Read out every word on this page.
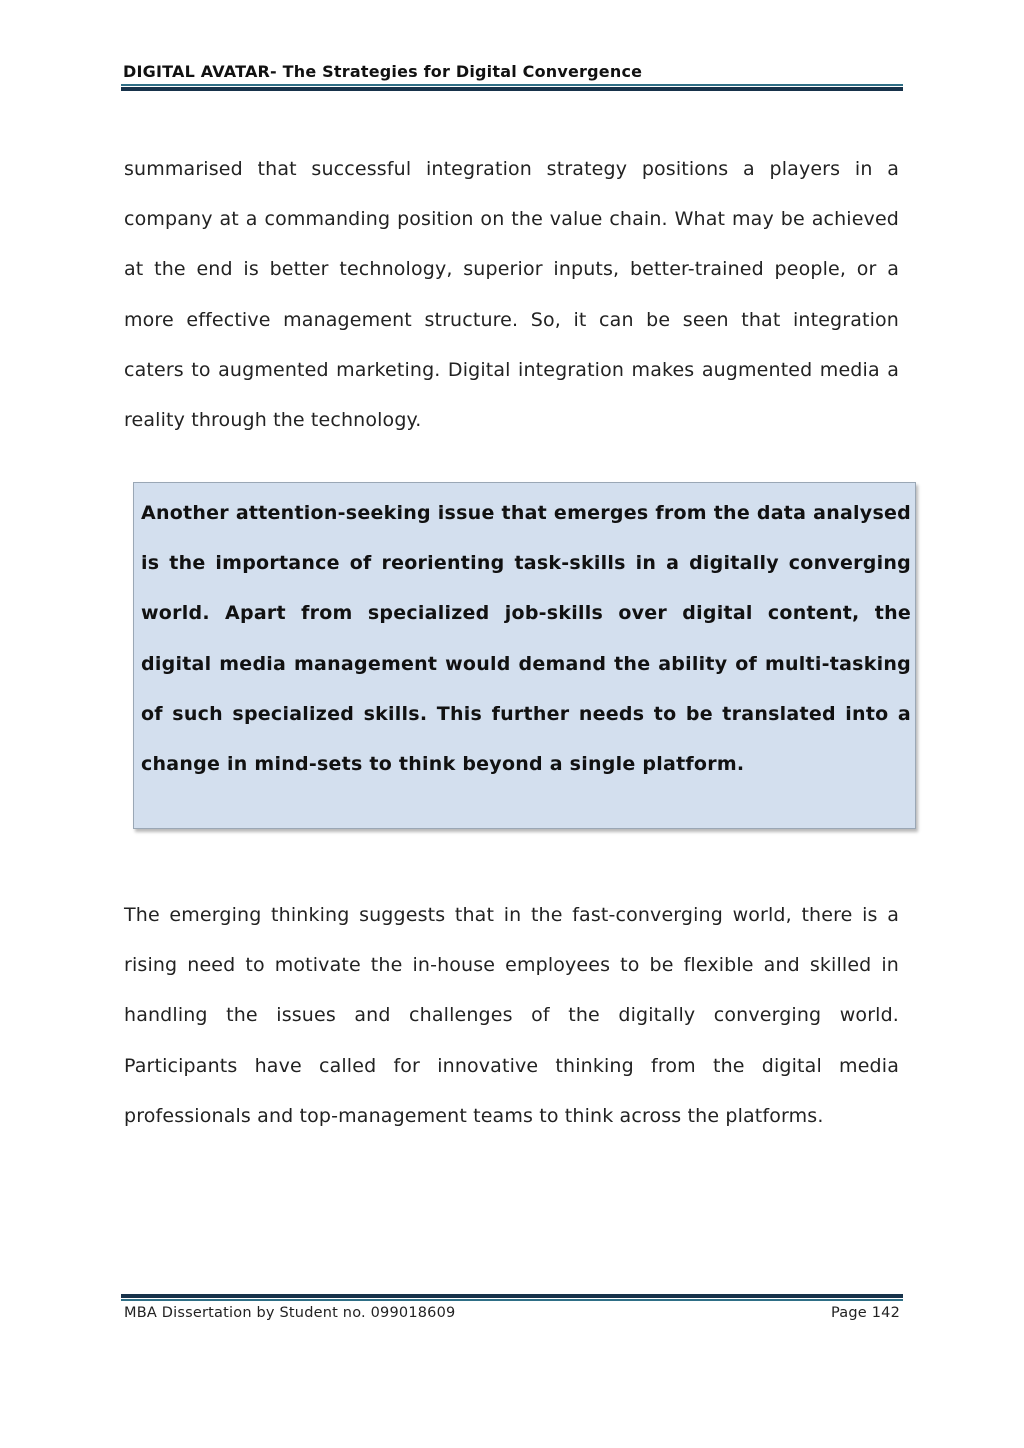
DIGITAL AVATAR- The Strategies for Digital Convergence

summarised that successful integration strategy positions a players in a company at a commanding position on the value chain. What may be achieved at the end is better technology, superior inputs, better-trained people, or a more effective management structure. So, it can be seen that integration caters to augmented marketing. Digital integration makes augmented media a reality through the technology.

Another attention-seeking issue that emerges from the data analysed is the importance of reorienting task-skills in a digitally converging world. Apart from specialized job-skills over digital content, the digital media management would demand the ability of multi-tasking of such specialized skills. This further needs to be translated into a change in mind-sets to think beyond a single platform.

The emerging thinking suggests that in the fast-converging world, there is a rising need to motivate the in-house employees to be flexible and skilled in handling the issues and challenges of the digitally converging world. Participants have called for innovative thinking from the digital media professionals and top-management teams to think across the platforms.

MBA Dissertation by Student no. 099018609	Page 142
